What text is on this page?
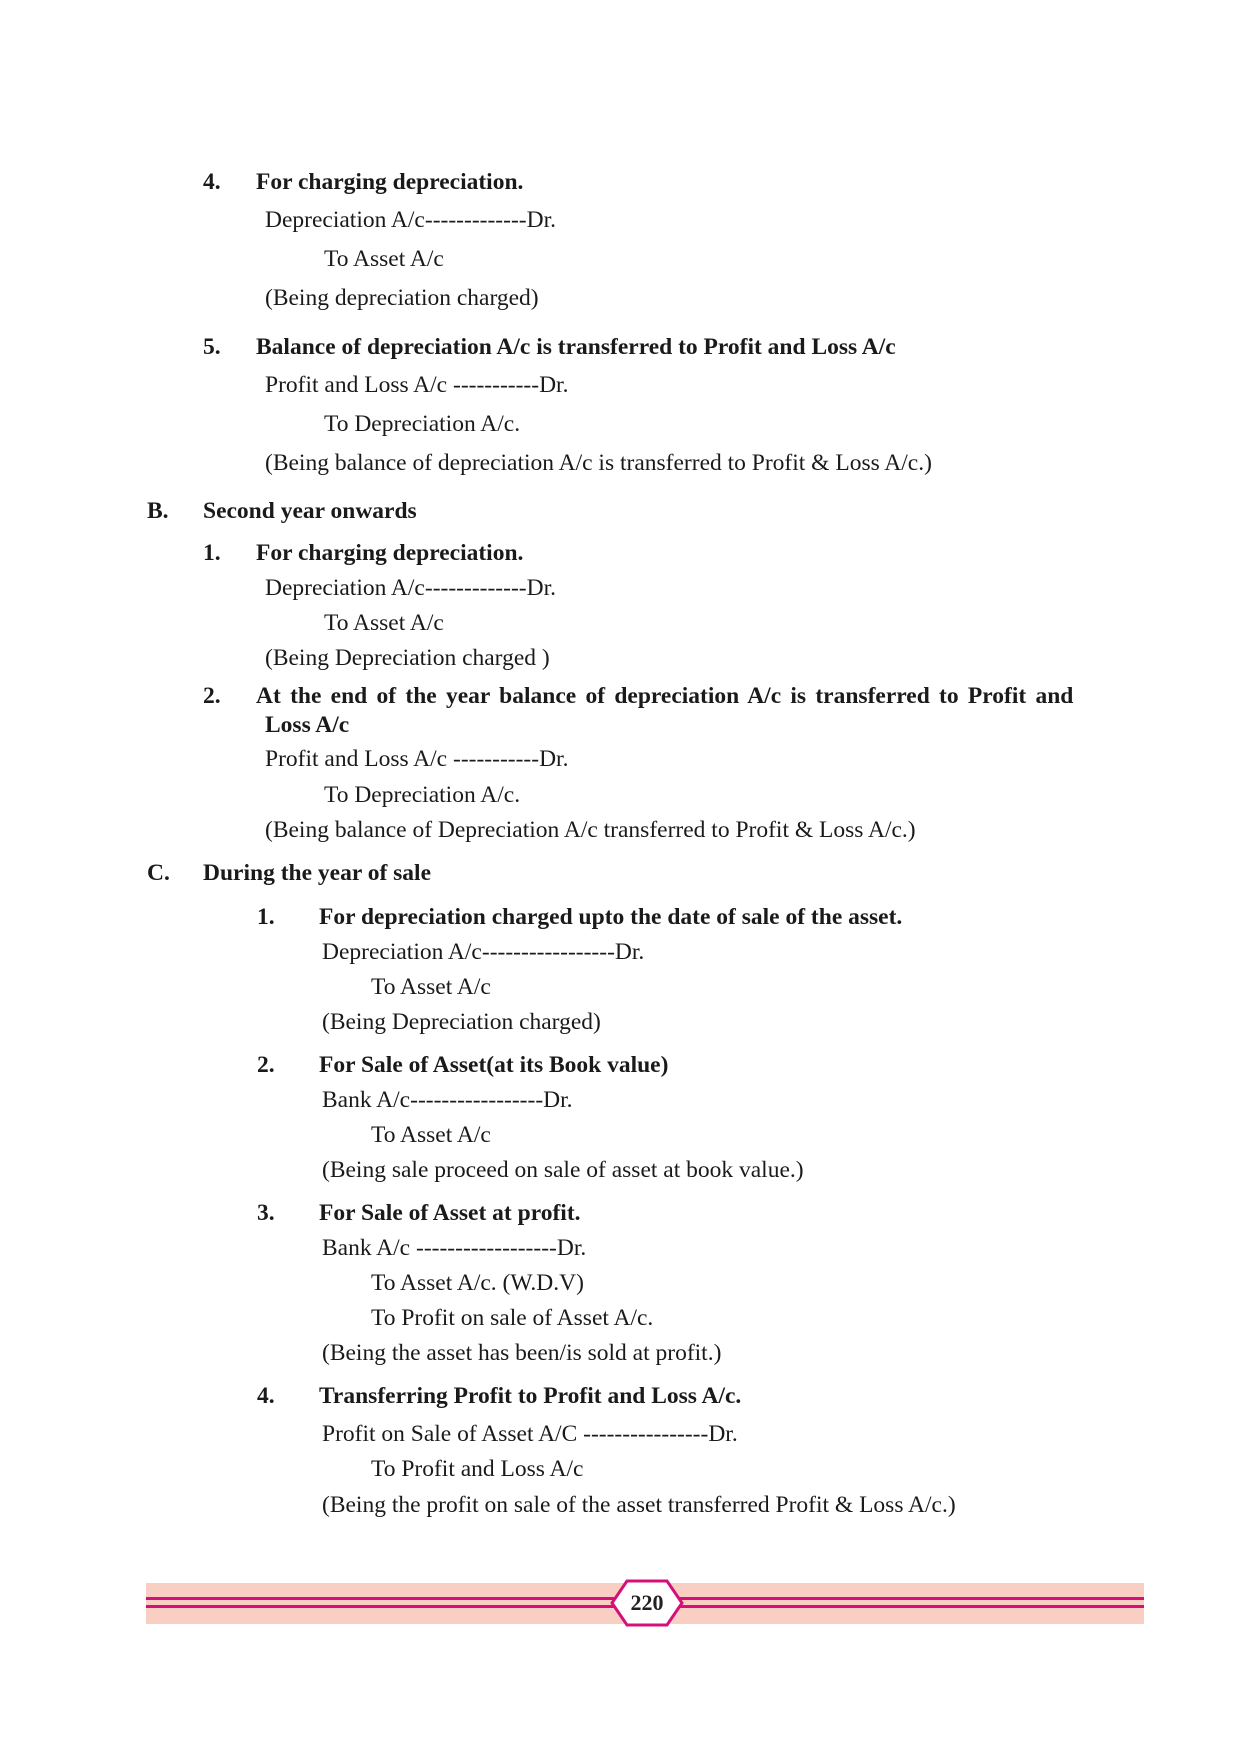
4. For charging depreciation.
Depreciation A/c-------------Dr.
To Asset A/c
(Being depreciation charged)
5. Balance of depreciation A/c is transferred to Profit and Loss A/c
Profit and Loss A/c -----------Dr.
To Depreciation A/c.
(Being balance of depreciation A/c is transferred to Profit & Loss A/c.)
B. Second year onwards
1. For charging depreciation.
Depreciation A/c-------------Dr.
To Asset A/c
(Being Depreciation charged )
2. At the end of the year balance of depreciation A/c is transferred to Profit and
Loss A/c
Profit and Loss A/c -----------Dr.
To Depreciation A/c.
(Being balance of Depreciation A/c transferred to Profit & Loss A/c.)
C. During the year of sale
1. For depreciation charged upto the date of sale of the asset.
Depreciation A/c-----------------Dr.
To Asset A/c
(Being Depreciation charged)
2. For Sale of Asset(at its Book value)
Bank A/c-----------------Dr.
To Asset A/c
(Being sale proceed on sale of asset at book value.)
3. For Sale of Asset at profit.
Bank A/c ------------------Dr.
To Asset A/c. (W.D.V)
To Profit on sale of Asset A/c.
(Being the asset has been/is sold at profit.)
4. Transferring Profit to Profit and Loss A/c.
Profit on Sale of Asset A/C ----------------Dr.
To Profit and Loss A/c
(Being the profit on sale of the asset transferred Profit & Loss A/c.)
220
